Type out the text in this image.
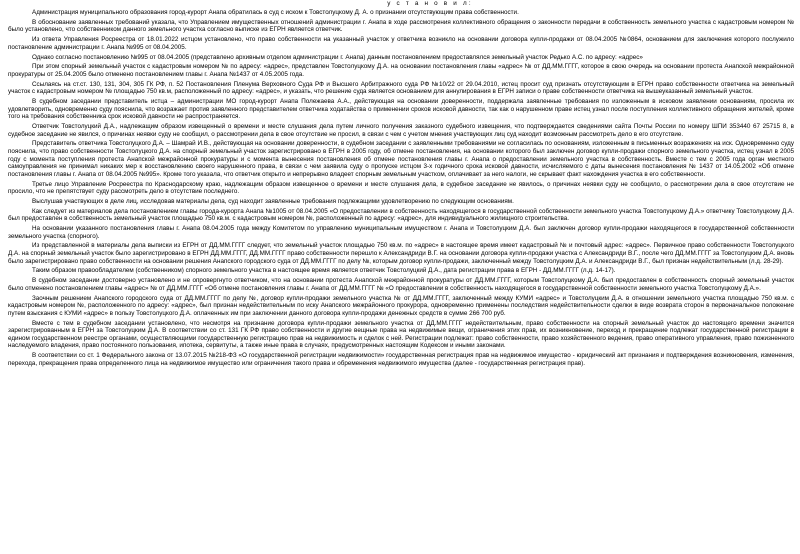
у с т а н о в и л:

Администрация муниципального образования город-курорт Анапа обратилась в суд с иском к Товстолуцкому Д. А. о признании отсутствующим права собственности.

В обоснование заявленных требований указала, что Управлением имущественных отношений администрации г. Анапа в ходе рассмотрения коллективного обращения о законности передачи в собственность земельного участка с кадастровым номером № было установлено, что собственником данного земельного участка согласно выписке из ЕГРН является ответчик.

Из ответа Управления Росреестра от 18.01.2022 истцом установлено, что право собственности на указанный участок у ответчика возникло на основании договора купли-продажи от 08.04.2005 №0864, основанием для заключения которого послужило постановление администрации г. Анапа №995 от 08.04.2005.

Однако согласно постановлению №995 от 08.04.2005 (представлено архивным отделом администрации г. Анапа) данным постановлением предоставлялся земельный участок Редько А.С. по адресу: «адрес»

При этом спорный земельный участок с кадастровым номером № по адресу: «адрес», представлен Товстолуцкому Д.А. на основании постановления главы «адрес» № от ДД.ММ.ГГГГ, которое в свою очередь на основании протеста Анапской межрайонной прокуратуры от 25.04.2005 было отменено постановлением главы г. Анапа №1437 от 4.05.2005 года.

Ссылаясь на ст.ст. 130, 131, 304, 305 ГК РФ, п. 52 Постановления Пленума Верховного Суда РФ и Высшего Арбитражного суда РФ №10/22 от 29.04.2010, истец просит суд признать отсутствующим в ЕГРН право собственности ответчика на земельный участок с кадастровым номером № площадью 750 кв.м, расположенный по адресу: «адрес», и указать, что решение суда является основанием для аннулирования в ЕГРН записи о праве собственности ответчика на вышеуказанный земельный участок.

В судебном заседании представитель истца – администрации МО город-курорт Анапа Полежаева А.А., действующая на основании доверенности, поддержала заявленные требования по изложенным в исковом заявлении основаниям, просила их удовлетворить, одновременно суду пояснила, что возражает против заявленного представителем ответчика ходатайства о применении сроков исковой давности, так как о нарушенном праве истец узнал после поступления коллективного обращения жителей, кроме того на требования собственника срок исковой давности не распространяется.

Ответчик Товстолуцкий Д.А., надлежащим образом извещенный о времени и месте слушания дела путем личного получения заказного судебного извещения, что подтверждается сведениями сайта Почты России по номеру ШПИ 353440 67 25715 8, в судебное заседание не явился, о причинах неявки суду не сообщил, о рассмотрении дела в свое отсутствие не просил, в связи с чем с учетом мнения участвующих лиц суд находит возможным рассмотреть дело в его отсутствие.

Представитель ответчика Товстолуцкого Д.А. – Шамрай И.В., действующая на основании доверенности, в судебном заседании с заявленными требованиями не согласилась по основаниям, изложенным в письменных возражениях на иск. Одновременно суду пояснила, что право собственности Товстолуцкого Д.А. на спорный земельный участок зарегистрировано в ЕГРН в 2005 году, об отмене постановления, на основании которого был заключен договор купли-продажи спорного земельного участка, истец узнал в 2005 году с момента поступления протеста Анапской межрайонной прокуратуры и с момента вынесения постановления об отмене постановления главы г. Анапа о предоставлении земельного участка в собственность. Вместе с тем с 2005 года орган местного самоуправления не принимал никаких мер к восстановлению своего нарушенного права, в связи с чем заявила суду о пропуске истцом 3-х годичного срока исковой давности, исчисляемого с даты вынесения постановления № 1437 от 14.05.2002 «Об отмене постановления главы г. Анапа от 08.04.2005 №995». Кроме того указала, что ответчик открыто и непрерывно владеет спорным земельным участком, оплачивает за него налоги, не скрывает факт нахождения участка в его собственности.

Третье лицо Управление Росреестра по Краснодарскому краю, надлежащим образом извещенное о времени и месте слушания дела, в судебное заседание не явилось, о причинах неявки суду не сообщило, о рассмотрении дела в свое отсутствие не просило, что не препятствует суду рассмотреть дело в отсутствие последнего.

Выслушав участвующих в деле лиц, исследовав материалы дела, суд находит заявленные требования подлежащими удовлетворению по следующим основаниям.

Как следует из материалов дела постановлением главы города-курорта Анапа №1005 от 08.04.2005 «О предоставлении в собственность находящегося в государственной собственности земельного участка Товстолуцкому Д.А.» ответчику Товстолуцкому Д.А. был предоставлен в собственность земельный участок площадью 750 кв.м. с кадастровым номером №, расположенный по адресу: «адрес», для индивидуального жилищного строительства.

На основании указанного постановления главы г. Анапа 08.04.2005 года между Комитетом по управлению муниципальным имуществом г. Анапа и Товстолуцким Д.А. был заключен договор купли-продажи находящегося в государственной собственности земельного участка (спорного).

Из представленной в материалы дела выписки из ЕГРН от ДД.ММ.ГГГГ следует, что земельный участок площадью 750 кв.м. по «адрес» в настоящее время имеет кадастровый № и почтовый адрес: «адрес». Первичное право собственности Товстолуцкого Д.А. на спорный земельный участок было зарегистрировано в ЕГРН ДД.ММ.ГГГГ, ДД.ММ.ГГГГ право собственности перешло к Александриди В.Г. на основании договора купли-продажи участка с Александриди В.Г., после чего ДД.ММ.ГГГГ за Товстолуцким Д.А. вновь было зарегистрировано право собственности на основании решения Анапского городского суда от ДД.ММ.ГГГГ по делу №, которым договор купли-продажи, заключенный между Товстолуцким Д.А. и Александриди В.Г., был признан недействительным (л.д. 28-29).

Таким образом правообладателем (собственником) спорного земельного участка в настоящее время является ответчик Товстолуцкий Д.А., дата регистрации права в ЕГРН - ДД.ММ.ГГГГ (л.д. 14-17).

В судебном заседании достоверно установлено и не опровергнуто ответчиком, что на основании протеста Анапской межрайонной прокуратуры от ДД.ММ.ГГГГ, которым Товстолуцкому Д.А. был предоставлен в собственность спорный земельный участок было отменено постановлением главы «адрес» № от ДД.ММ.ГГГГ «Об отмене постановления главы г. Анапа от ДД.ММ.ГГГГ № «О предоставлении в собственность находящегося в государственной собственности земельного участка Товстолуцкому Д.А.».

Заочным решением Анапского городского суда от ДД.ММ.ГГГГ по делу №, договор купли-продажи земельного участка № от ДД.ММ.ГГГГ, заключенный между КУМИ «адрес» и Товстолуцким Д.А. в отношении земельного участка площадью 750 кв.м. с кадастровым номером №, расположенного по адресу: «адрес», был признан недействительным по иску Анапского межрайонного прокурора, одновременно применены последствия недействительности сделки в виде возврата сторон в первоначальное положение путем взыскания с КУМИ «адрес» в пользу Товстолуцкого Д.А. оплаченных им при заключении данного договора купли-продажи денежных средств в сумме 266 700 руб.

Вместе с тем в судебном заседании установлено, что несмотря на признание договора купли-продажи земельного участка от ДД.ММ.ГГГГ недействительным, право собственности на спорный земельный участок до настоящего времени значится зарегистрированным в ЕГРН за Товстолуцким Д.А. В соответствии со ст. 131 ГК РФ право собственности и другие вещные права на недвижимые вещи, ограничения этих прав, их возникновение, переход и прекращение подлежат государственной регистрации в едином государственном реестре органами, осуществляющими государственную регистрацию прав на недвижимость и сделок с ней. Регистрации подлежат: право собственности, право хозяйственного ведения, право оперативного управления, право пожизненного наследуемого владения, право постоянного пользования, ипотека, сервитуты, а также иные права в случаях, предусмотренных настоящим Кодексом и иными законами.

В соответствии со ст. 1 Федерального закона от 13.07.2015 №218-ФЗ «О государственной регистрации недвижимости» государственная регистрация прав на недвижимое имущество - юридический акт признания и подтверждения возникновения, изменения, перехода, прекращения права определенного лица на недвижимое имущество или ограничения такого права и обременения недвижимого имущества (далее - государственная регистрация прав).
